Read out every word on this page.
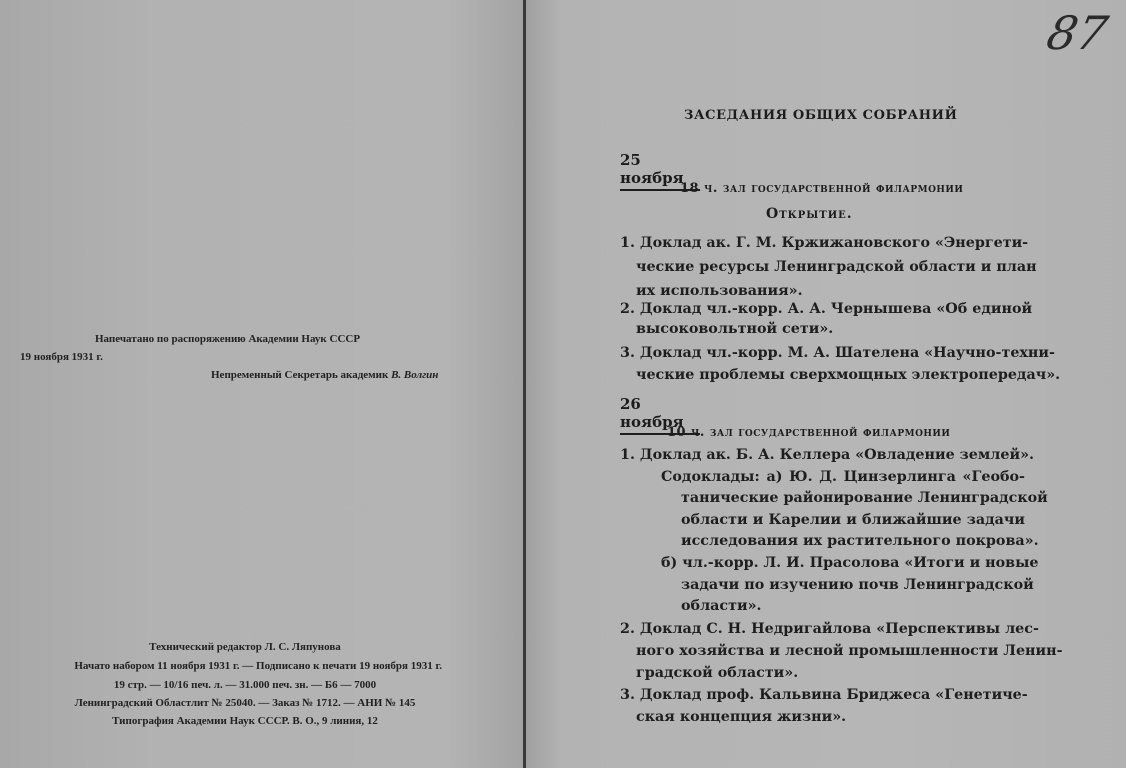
Напечатано по распоряжению Академии Наук СССР
19 ноября 1931 г.
Непременный Секретарь академик В. Волгин
Технический редактор Л. С. Ляпунова
Начато набором 11 ноября 1931 г. — Подписано к печати 19 ноября 1931 г.
19 стр. — 10/16 печ. л. — 31.000 печ. зн. — Б6 — 7000
Ленинградский Областлит № 25040. — Заказ № 1712. — АНИ № 145
Типография Академии Наук СССР. В. О., 9 линия, 12
87
ЗАСЕДАНИЯ ОБЩИХ СОБРАНИЙ
25 ноября
18 ч. зал государственной филармонии
Открытие.
1. Доклад ак. Г. М. Кржижановского «Энергети-
ческие ресурсы Ленинградской области и план
их использования».
2. Доклад чл.-корр. А. А. Чернышева «Об единой
высоковольтной сети».
3. Доклад чл.-корр. М. А. Шателена «Научно-техни-
ческие проблемы сверхмощных электропередач».
26 ноября
10 ч. зал государственной филармонии
1. Доклад ак. Б. А. Келлера «Овладение землей».
Содоклады: а) Ю. Д. Цинзерлинга «Геобо-
танические районирование Ленинградской
области и Карелии и ближайшие задачи
исследования их растительного покрова».
б) чл.-корр. Л. И. Прасолова «Итоги и новые
задачи по изучению почв Ленинградской
области».
2. Доклад С. Н. Недригайлова «Перспективы лес-
ного хозяйства и лесной промышленности Ленин-
градской области».
3. Доклад проф. Кальвина Бриджеса «Генетиче-
ская концепция жизни».
